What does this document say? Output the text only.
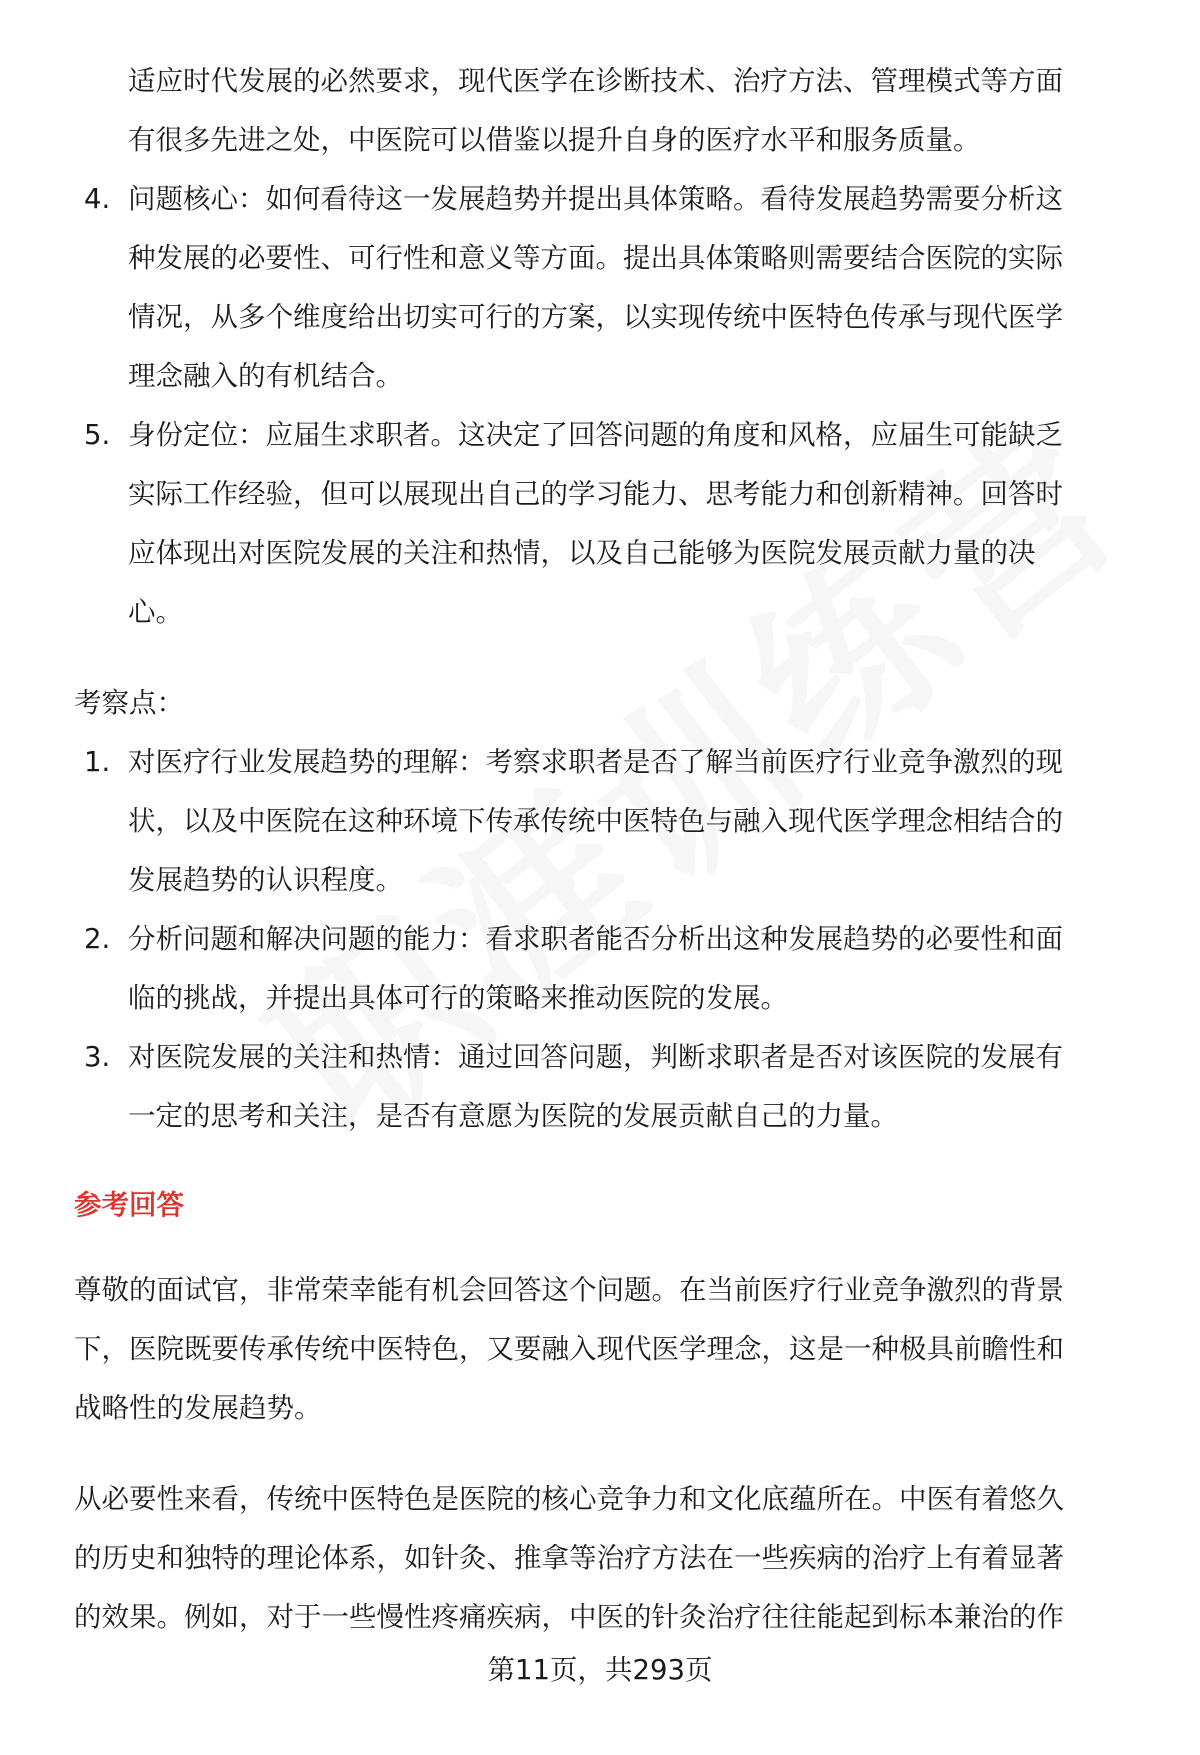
适应时代发展的必然要求，现代医学在诊断技术、治疗方法、管理模式等方面
有很多先进之处，中医院可以借鉴以提升自身的医疗水平和服务质量。

4. 问题核心：如何看待这一发展趋势并提出具体策略。看待发展趋势需要分析这
种发展的必要性、可行性和意义等方面。提出具体策略则需要结合医院的实际
情况，从多个维度给出切实可行的方案，以实现传统中医特色传承与现代医学
理念融入的有机结合。
5. 身份定位：应届生求职者。这决定了回答问题的角度和风格，应届生可能缺乏
实际工作经验，但可以展现出自己的学习能力、思考能力和创新精神。回答时
应体现出对医院发展的关注和热情，以及自己能够为医院发展贡献力量的决
心。

考察点：

1. 对医疗行业发展趋势的理解：考察求职者是否了解当前医疗行业竞争激烈的现
状，以及中医院在这种环境下传承传统中医特色与融入现代医学理念相结合的
发展趋势的认识程度。
2. 分析问题和解决问题的能力：看求职者能否分析出这种发展趋势的必要性和面
临的挑战，并提出具体可行的策略来推动医院的发展。
3. 对医院发展的关注和热情：通过回答问题，判断求职者是否对该医院的发展有
一定的思考和关注，是否有意愿为医院的发展贡献自己的力量。

参考回答

尊敬的面试官，非常荣幸能有机会回答这个问题。在当前医疗行业竞争激烈的背景
下，医院既要传承传统中医特色，又要融入现代医学理念，这是一种极具前瞻性和
战略性的发展趋势。

从必要性来看，传统中医特色是医院的核心竞争力和文化底蕴所在。中医有着悠久
的历史和独特的理论体系，如针灸、推拿等治疗方法在一些疾病的治疗上有着显著
的效果。例如，对于一些慢性疼痛疾病，中医的针灸治疗往往能起到标本兼治的作

第11页，共293页
